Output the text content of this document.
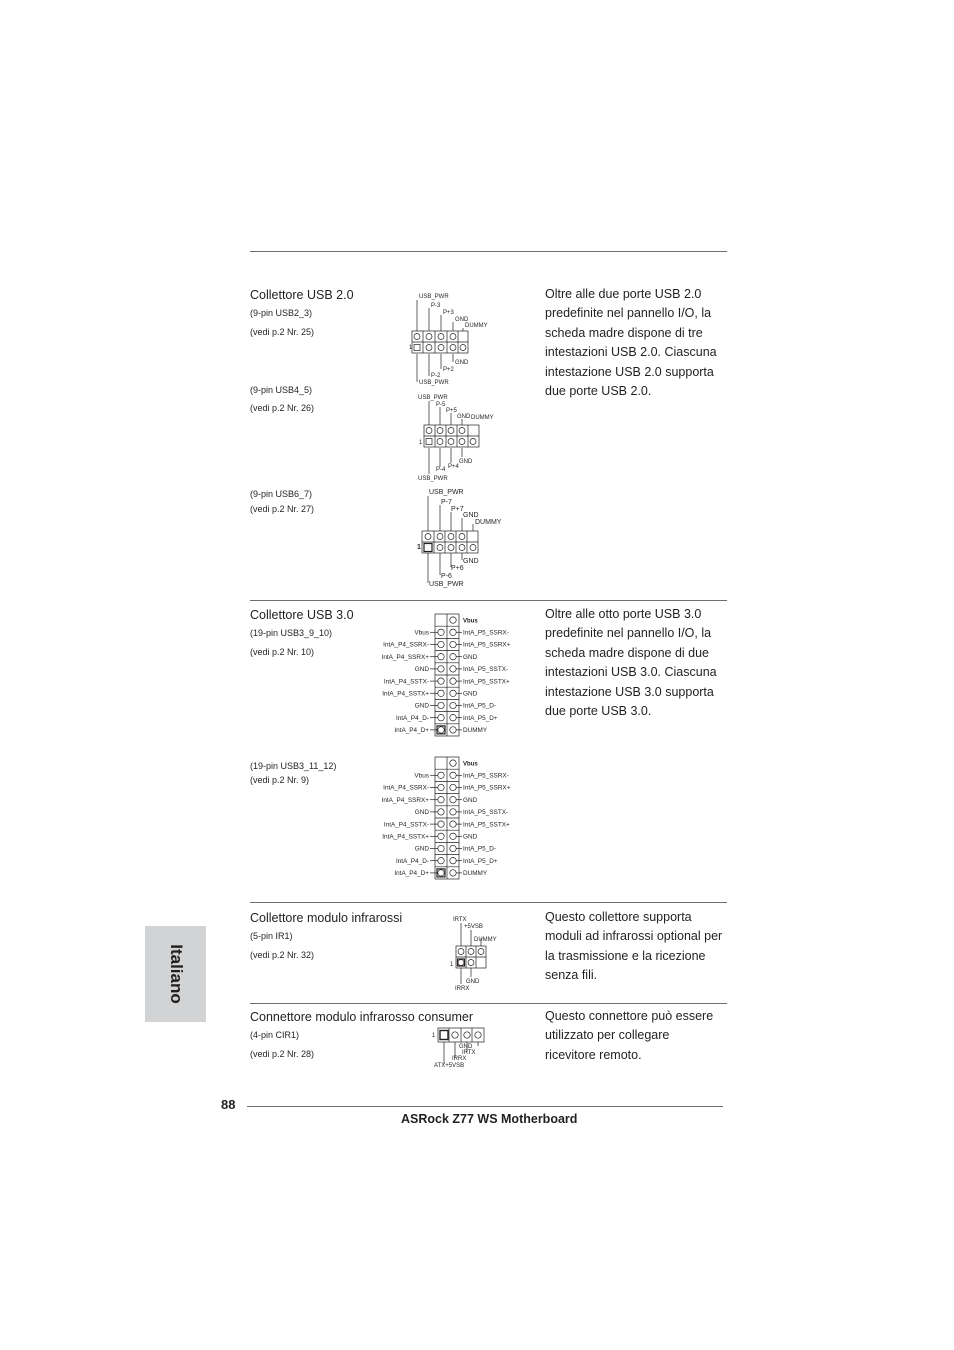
Collettore USB 2.0
(9-pin USB2_3)
(vedi p.2 Nr. 25)
(9-pin USB4_5)
(vedi p.2 Nr. 26)
(9-pin USB6_7)
(vedi p.2 Nr. 27)
Oltre alle due porte USB 2.0
predefinite nel pannello I/O, la
scheda madre dispone di tre
intestazioni USB 2.0. Ciascuna
intestazione USB 2.0 supporta
due porte USB 2.0.
USB_PWR
P-3
P+3
GND
DUMMY
GND
P+2
P-2
USB_PWR
1
USB_PWR
P-5
P+5
GND DUMMY
GND
P+4
P-4
USB_PWR
1
USB_PWR
P-7
P+7
GND
DUMMY
GND
P+6
P-6
USB_PWR
1
Collettore USB 3.0
(19-pin USB3_9_10)
(vedi p.2 Nr. 10)
(19-pin USB3_11_12)
(vedi p.2 Nr. 9)
Oltre alle otto porte USB 3.0
predefinite nel pannello I/O, la
scheda madre dispone di due
intestazioni USB 3.0. Ciascuna
intestazione USB 3.0 supporta
due porte USB 3.0.
Vbus
Vbus	IntA_P5_SSRX-
IntA_P4_SSRX-	IntA_P5_SSRX+
IntA_P4_SSRX+	GND
GND	IntA_P5_SSTX-
IntA_P4_SSTX-	IntA_P5_SSTX+
IntA_P4_SSTX+	GND
GND	IntA_P5_D-
IntA_P4_D-	IntA_P5_D+
IntA_P4_D+	DUMMY
Vbus
Vbus	IntA_P5_SSRX-
IntA_P4_SSRX-	IntA_P5_SSRX+
IntA_P4_SSRX+	GND
GND	IntA_P5_SSTX-
IntA_P4_SSTX-	IntA_P5_SSTX+
IntA_P4_SSTX+	GND
GND	IntA_P5_D-
IntA_P4_D-	IntA_P5_D+
IntA_P4_D+	DUMMY
Collettore modulo infrarossi
(5-pin IR1)
(vedi p.2 Nr. 32)
Questo collettore supporta
moduli ad infrarossi optional per
la trasmissione e la ricezione
senza fili.
IRTX
+5VSB
DUMMY
GND
IRRX
1
Connettore modulo infrarosso consumer
(4-pin CIR1)
(vedi p.2 Nr. 28)
Questo connettore può essere
utilizzato per collegare
ricevitore remoto.
1
GND
IRTX
IRRX
ATX+5VSB
Italiano
88
ASRock Z77 WS Motherboard
